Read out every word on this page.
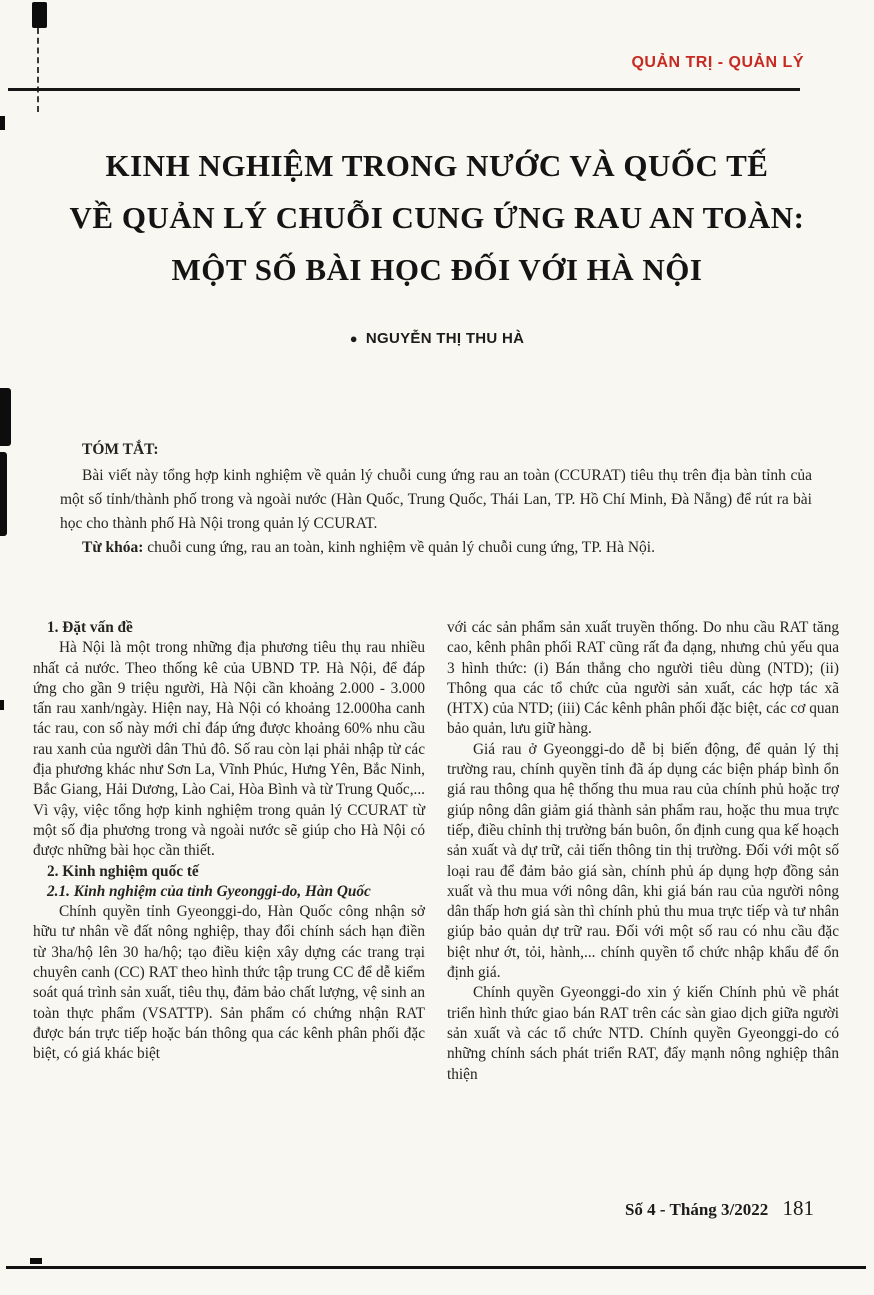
QUẢN TRỊ - QUẢN LÝ
KINH NGHIỆM TRONG NƯỚC VÀ QUỐC TẾ
VỀ QUẢN LÝ CHUỖI CUNG ỨNG RAU AN TOÀN:
MỘT SỐ BÀI HỌC ĐỐI VỚI HÀ NỘI
● NGUYỄN THỊ THU HÀ

TÓM TẮT:

Bài viết này tổng hợp kinh nghiệm về quản lý chuỗi cung ứng rau an toàn (CCURAT) tiêu thụ trên địa bàn tỉnh của một số tỉnh/thành phố trong và ngoài nước (Hàn Quốc, Trung Quốc, Thái Lan, TP. Hồ Chí Minh, Đà Nẵng) để rút ra bài học cho thành phố Hà Nội trong quản lý CCURAT.

Từ khóa: chuỗi cung ứng, rau an toàn, kinh nghiệm về quản lý chuỗi cung ứng, TP. Hà Nội.

1. Đặt vấn đề

Hà Nội là một trong những địa phương tiêu thụ rau nhiều nhất cả nước. Theo thống kê của UBND TP. Hà Nội, để đáp ứng cho gần 9 triệu người, Hà Nội cần khoảng 2.000 - 3.000 tấn rau xanh/ngày. Hiện nay, Hà Nội có khoảng 12.000ha canh tác rau, con số này mới chỉ đáp ứng được khoảng 60% nhu cầu rau xanh của người dân Thủ đô. Số rau còn lại phải nhập từ các địa phương khác như Sơn La, Vĩnh Phúc, Hưng Yên, Bắc Ninh, Bắc Giang, Hải Dương, Lào Cai, Hòa Bình và từ Trung Quốc,... Vì vậy, việc tổng hợp kinh nghiệm trong quản lý CCURAT từ một số địa phương trong và ngoài nước sẽ giúp cho Hà Nội có được những bài học cần thiết.

2. Kinh nghiệm quốc tế

2.1. Kinh nghiệm của tỉnh Gyeonggi-do, Hàn Quốc

Chính quyền tỉnh Gyeonggi-do, Hàn Quốc công nhận sở hữu tư nhân về đất nông nghiệp, thay đổi chính sách hạn điền từ 3ha/hộ lên 30 ha/hộ; tạo điều kiện xây dựng các trang trại chuyên canh (CC) RAT theo hình thức tập trung CC để dễ kiểm soát quá trình sản xuất, tiêu thụ, đảm bảo chất lượng, vệ sinh an toàn thực phẩm (VSATTP). Sản phẩm có chứng nhận RAT được bán trực tiếp hoặc bán thông qua các kênh phân phối đặc biệt, có giá khác biệt

với các sản phẩm sản xuất truyền thống. Do nhu cầu RAT tăng cao, kênh phân phối RAT cũng rất đa dạng, nhưng chủ yếu qua 3 hình thức: (i) Bán thẳng cho người tiêu dùng (NTD); (ii) Thông qua các tổ chức của người sản xuất, các hợp tác xã (HTX) của NTD; (iii) Các kênh phân phối đặc biệt, các cơ quan bảo quản, lưu giữ hàng.

Giá rau ở Gyeonggi-do dễ bị biến động, để quản lý thị trường rau, chính quyền tỉnh đã áp dụng các biện pháp bình ổn giá rau thông qua hệ thống thu mua rau của chính phủ hoặc trợ giúp nông dân giảm giá thành sản phẩm rau, hoặc thu mua trực tiếp, điều chỉnh thị trường bán buôn, ổn định cung qua kế hoạch sản xuất và dự trữ, cải tiến thông tin thị trường. Đối với một số loại rau để đảm bảo giá sàn, chính phủ áp dụng hợp đồng sản xuất và thu mua với nông dân, khi giá bán rau của người nông dân thấp hơn giá sàn thì chính phủ thu mua trực tiếp và tư nhân giúp bảo quản dự trữ rau. Đối với một số rau có nhu cầu đặc biệt như ớt, tỏi, hành,... chính quyền tổ chức nhập khẩu để ổn định giá.

Chính quyền Gyeonggi-do xin ý kiến Chính phủ về phát triển hình thức giao bán RAT trên các sàn giao dịch giữa người sản xuất và các tổ chức NTD. Chính quyền Gyeonggi-do có những chính sách phát triển RAT, đẩy mạnh nông nghiệp thân thiện

Số 4 - Tháng 3/2022 181
